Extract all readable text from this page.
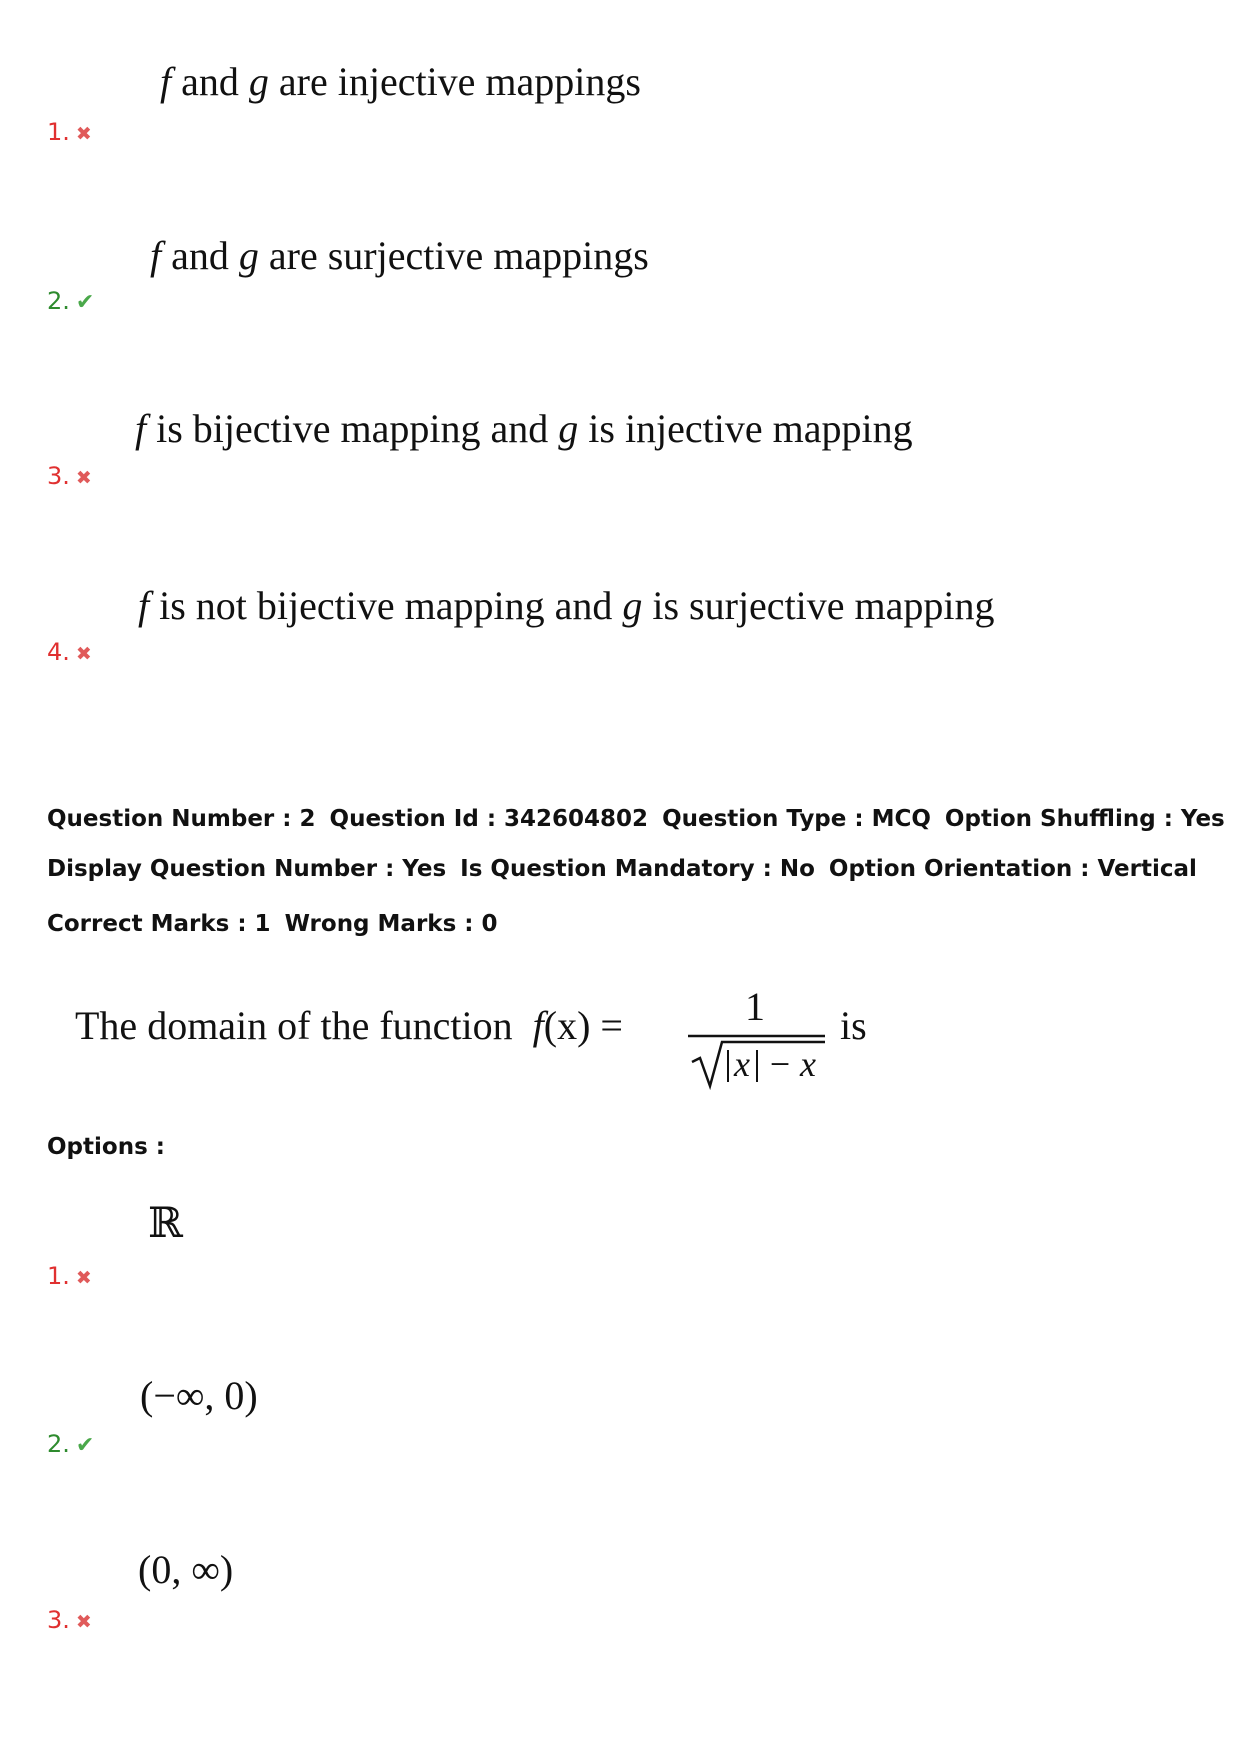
f and g are injective mappings
1. ✖
f and g are surjective mappings
2. ✔
f is bijective mapping and g is injective mapping
3. ✖
f is not bijective mapping and g is surjective mapping
4. ✖
Question Number : 2 Question Id : 342604802 Question Type : MCQ Option Shuffling : Yes
Display Question Number : Yes Is Question Mandatory : No Option Orientation : Vertical
Correct Marks : 1 Wrong Marks : 0
The domain of the function f(x) =	1
x − x
is
Options :
ℝ
1. ✖
(−∞, 0)
2. ✔
(0, ∞)
3. ✖
